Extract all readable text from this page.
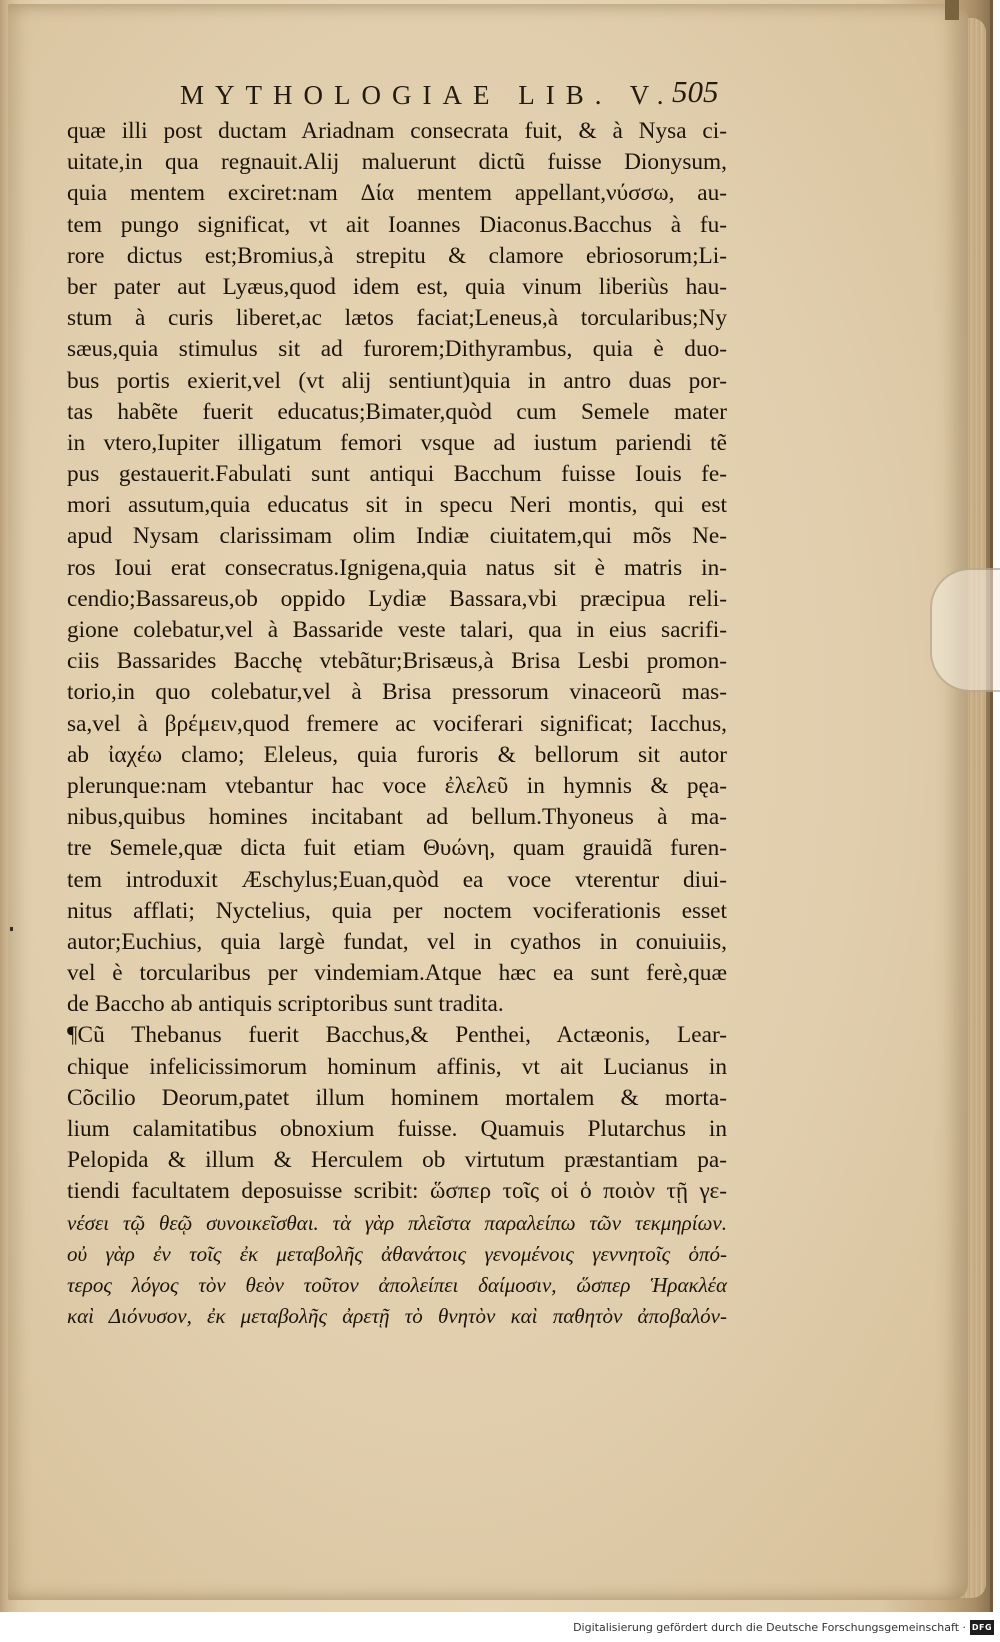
MYTHOLOGIAE LIB. V.
505
quæ illi post ductam Ariadnam consecrata fuit, & à Nysa ci-
uitate,in qua regnauit.Alij maluerunt dictũ fuisse Dionysum,
quia mentem exciret:nam Δία mentem appellant,νύσσω, au-
tem pungo significat, vt ait Ioannes Diaconus.Bacchus à fu-
rore dictus est;Bromius,à strepitu & clamore ebriosorum;Li-
ber pater aut Lyæus,quod idem est, quia vinum liberiùs hau-
stum à curis liberet,ac lætos faciat;Leneus,à torcularibus;Ny
sæus,quia stimulus sit ad furorem;Dithyrambus, quia è duo-
bus portis exierit,vel (vt alij sentiunt)quia in antro duas por-
tas habẽte fuerit educatus;Bimater,quòd cum Semele mater
in vtero,Iupiter illigatum femori vsque ad iustum pariendi tẽ
pus gestauerit.Fabulati sunt antiqui Bacchum fuisse Iouis fe-
mori assutum,quia educatus sit in specu Neri montis, qui est
apud Nysam clarissimam olim Indiæ ciuitatem,qui mõs Ne-
ros Ioui erat consecratus.Ignigena,quia natus sit è matris in-
cendio;Bassareus,ob oppido Lydiæ Bassara,vbi præcipua reli-
gione colebatur,vel à Bassaride veste talari, qua in eius sacrifi-
ciis Bassarides Bacchę vtebãtur;Brisæus,à Brisa Lesbi promon-
torio,in quo colebatur,vel à Brisa pressorum vinaceorũ mas-
sa,vel à βρέμειν,quod fremere ac vociferari significat; Iacchus,
ab ἰαχέω clamo; Eleleus, quia furoris & bellorum sit autor
plerunque:nam vtebantur hac voce ἐλελεῦ in hymnis & pęa-
nibus,quibus homines incitabant ad bellum.Thyoneus à ma-
tre Semele,quæ dicta fuit etiam Θυώνη, quam grauidã furen-
tem introduxit Æschylus;Euan,quòd ea voce vterentur diui-
nitus afflati; Nyctelius, quia per noctem vociferationis esset
autor;Euchius, quia largè fundat, vel in cyathos in conuiuiis,
vel è torcularibus per vindemiam.Atque hæc ea sunt ferè,quæ
de Baccho ab antiquis scriptoribus sunt tradita.
¶Cũ Thebanus fuerit Bacchus,& Penthei, Actæonis, Lear-
chique infelicissimorum hominum affinis, vt ait Lucianus in
Cõcilio Deorum,patet illum hominem mortalem & morta-
lium calamitatibus obnoxium fuisse. Quamuis Plutarchus in
Pelopida & illum & Herculem ob virtutum præstantiam pa-
tiendi facultatem deposuisse scribit: ὥσπερ τοῖς οἱ ὁ ποιὸν τῇ γε-
νέσει τῷ θεῷ συνοικεῖσθαι. τὰ γὰρ πλεῖστα παραλείπω τῶν τεκμηρίων.
οὐ γὰρ ἐν τοῖς ἐκ μεταβολῆς ἀθανάτοις γενομένοις γεννητοῖς ὁπό-
τερος λόγος τὸν θεὸν τοῦτον ἀπολείπει δαίμοσιν, ὥσπερ Ἡρακλέα
καὶ Διόνυσον, ἐκ μεταβολῆς ἀρετῇ τὸ θνητὸν καὶ παθητὸν ἀποβαλόν-
Digitalisierung gefördert durch die Deutsche Forschungsgemeinschaft · DFG
